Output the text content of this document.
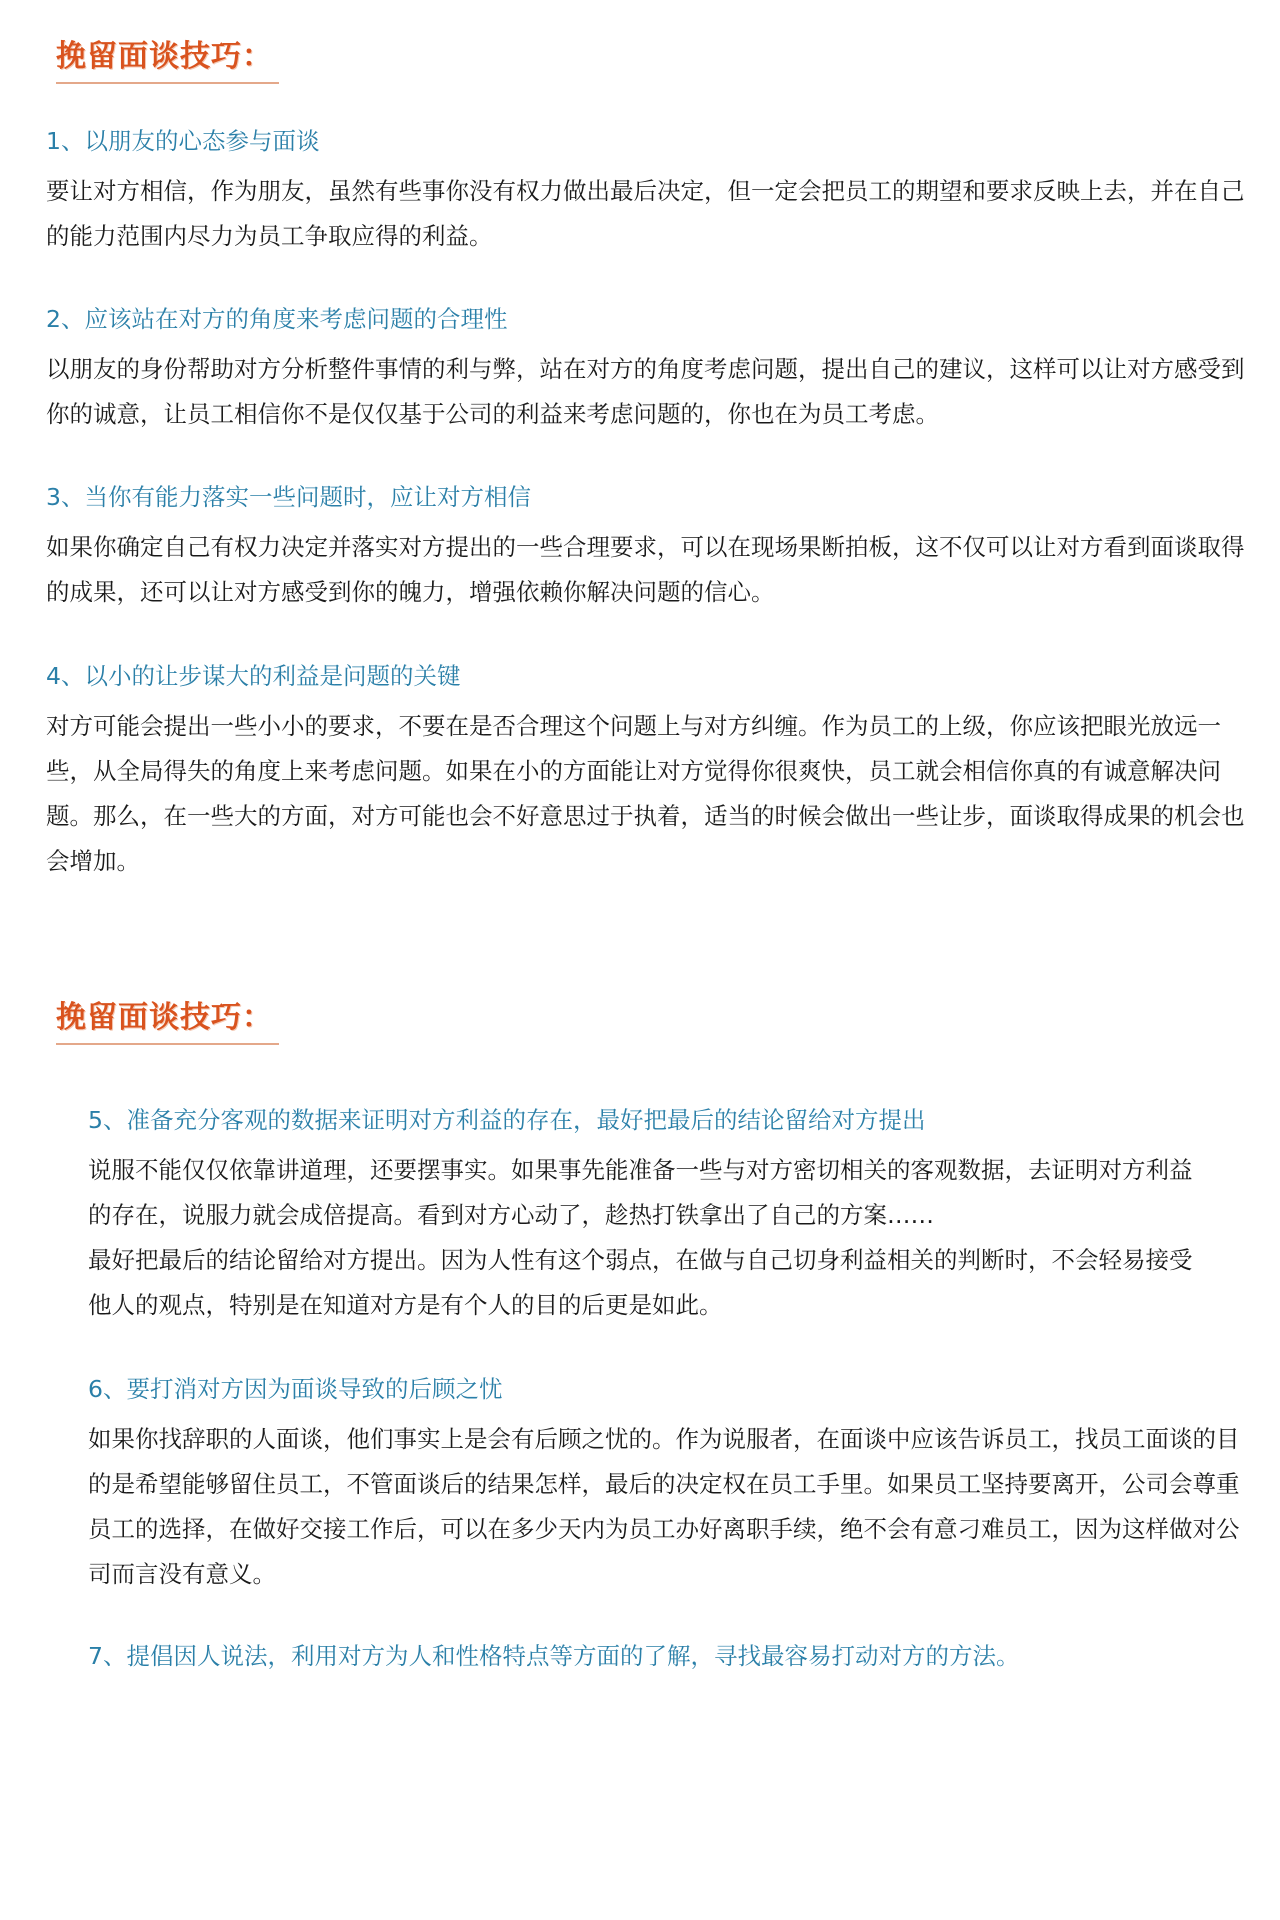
挽留面谈技巧：
1、以朋友的心态参与面谈
要让对方相信，作为朋友，虽然有些事你没有权力做出最后决定，但一定会把员工的期望和要求反映上去，并在自己的能力范围内尽力为员工争取应得的利益。
2、应该站在对方的角度来考虑问题的合理性
以朋友的身份帮助对方分析整件事情的利与弊，站在对方的角度考虑问题，提出自己的建议，这样可以让对方感受到你的诚意，让员工相信你不是仅仅基于公司的利益来考虑问题的，你也在为员工考虑。
3、当你有能力落实一些问题时，应让对方相信
如果你确定自己有权力决定并落实对方提出的一些合理要求，可以在现场果断拍板，这不仅可以让对方看到面谈取得的成果，还可以让对方感受到你的魄力，增强依赖你解决问题的信心。
4、以小的让步谋大的利益是问题的关键
对方可能会提出一些小小的要求，不要在是否合理这个问题上与对方纠缠。作为员工的上级，你应该把眼光放远一些，从全局得失的角度上来考虑问题。如果在小的方面能让对方觉得你很爽快，员工就会相信你真的有诚意解决问题。那么，在一些大的方面，对方可能也会不好意思过于执着，适当的时候会做出一些让步，面谈取得成果的机会也会增加。
挽留面谈技巧：
5、准备充分客观的数据来证明对方利益的存在，最好把最后的结论留给对方提出

说服不能仅仅依靠讲道理，还要摆事实。如果事先能准备一些与对方密切相关的客观数据，去证明对方利益的存在，说服力就会成倍提高。看到对方心动了，趁热打铁拿出了自己的方案……

最好把最后的结论留给对方提出。因为人性有这个弱点，在做与自己切身利益相关的判断时，不会轻易接受他人的观点，特别是在知道对方是有个人的目的后更是如此。

6、要打消对方因为面谈导致的后顾之忧
如果你找辞职的人面谈，他们事实上是会有后顾之忧的。作为说服者，在面谈中应该告诉员工，找员工面谈的目的是希望能够留住员工，不管面谈后的结果怎样，最后的决定权在员工手里。如果员工坚持要离开，公司会尊重员工的选择，在做好交接工作后，可以在多少天内为员工办好离职手续，绝不会有意刁难员工，因为这样做对公司而言没有意义。
7、提倡因人说法，利用对方为人和性格特点等方面的了解，寻找最容易打动对方的方法。
